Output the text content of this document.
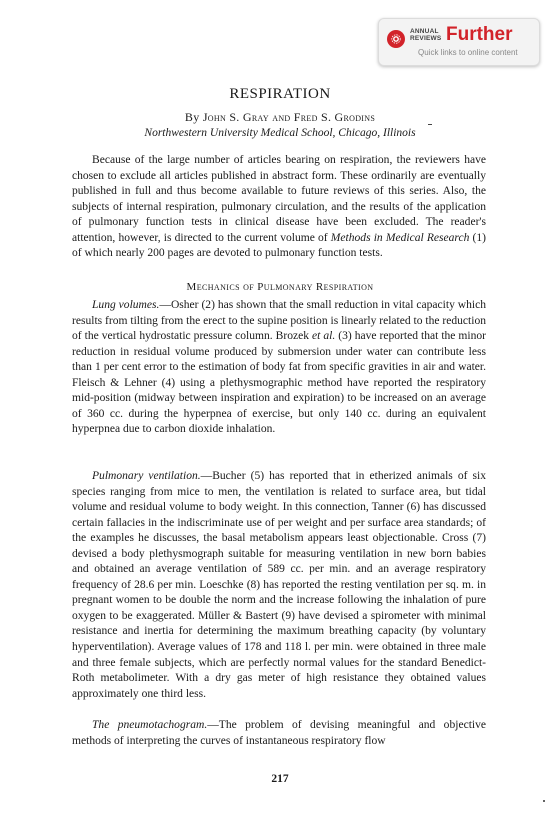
ANNUAL
REVIEWS Further
Quick links to online content
RESPIRATION
By John S. Gray and Fred S. Grodins
Northwestern University Medical School, Chicago, Illinois

Because of the large number of articles bearing on respiration, the reviewers have chosen to exclude all articles published in abstract form. These ordinarily are eventually published in full and thus become available to future reviews of this series. Also, the subjects of internal respiration, pulmonary circulation, and the results of the application of pulmonary function tests in clinical disease have been excluded. The reader's attention, however, is directed to the current volume of Methods in Medical Research (1) of which nearly 200 pages are devoted to pulmonary function tests.

Mechanics of Pulmonary Respiration

Lung volumes.—Osher (2) has shown that the small reduction in vital capacity which results from tilting from the erect to the supine position is linearly related to the reduction of the vertical hydrostatic pressure column. Brozek et al. (3) have reported that the minor reduction in residual volume produced by submersion under water can contribute less than 1 per cent error to the estimation of body fat from specific gravities in air and water. Fleisch & Lehner (4) using a plethysmographic method have reported the respiratory mid-position (midway between inspiration and expiration) to be increased on an average of 360 cc. during the hyperpnea of exercise, but only 140 cc. during an equivalent hyperpnea due to carbon dioxide inhalation.

Pulmonary ventilation.—Bucher (5) has reported that in etherized animals of six species ranging from mice to men, the ventilation is related to surface area, but tidal volume and residual volume to body weight. In this connection, Tanner (6) has discussed certain fallacies in the indiscriminate use of per weight and per surface area standards; of the examples he discusses, the basal metabolism appears least objectionable. Cross (7) devised a body plethysmograph suitable for measuring ventilation in new born babies and obtained an average ventilation of 589 cc. per min. and an average respiratory frequency of 28.6 per min. Loeschke (8) has reported the resting ventilation per sq. m. in pregnant women to be double the norm and the increase following the inhalation of pure oxygen to be exaggerated. Müller & Bastert (9) have devised a spirometer with minimal resistance and inertia for determining the maximum breathing capacity (by voluntary hyperventilation). Average values of 178 and 118 l. per min. were obtained in three male and three female subjects, which are perfectly normal values for the standard Benedict-Roth metabolimeter. With a dry gas meter of high resistance they obtained values approximately one third less.

The pneumotachogram.—The problem of devising meaningful and objective methods of interpreting the curves of instantaneous respiratory flow

217
